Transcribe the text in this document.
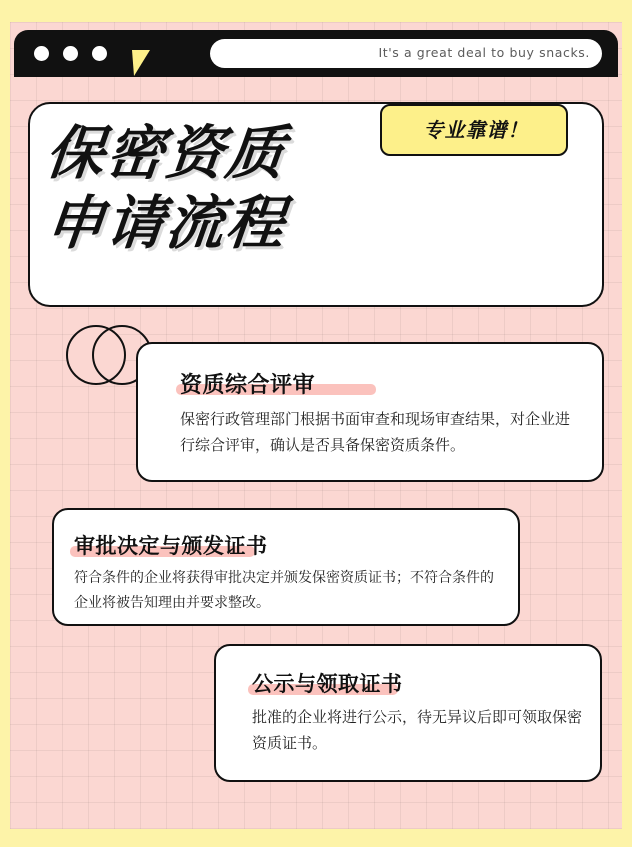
It's a great deal to buy snacks.
保密资质
申请流程
专业靠谱！
资质综合评审
保密行政管理部门根据书面审查和现场审查结果，对企业进行综合评审，确认是否具备保密资质条件。
审批决定与颁发证书
符合条件的企业将获得审批决定并颁发保密资质证书；不符合条件的企业将被告知理由并要求整改。
公示与领取证书
批准的企业将进行公示，待无异议后即可领取保密资质证书。
